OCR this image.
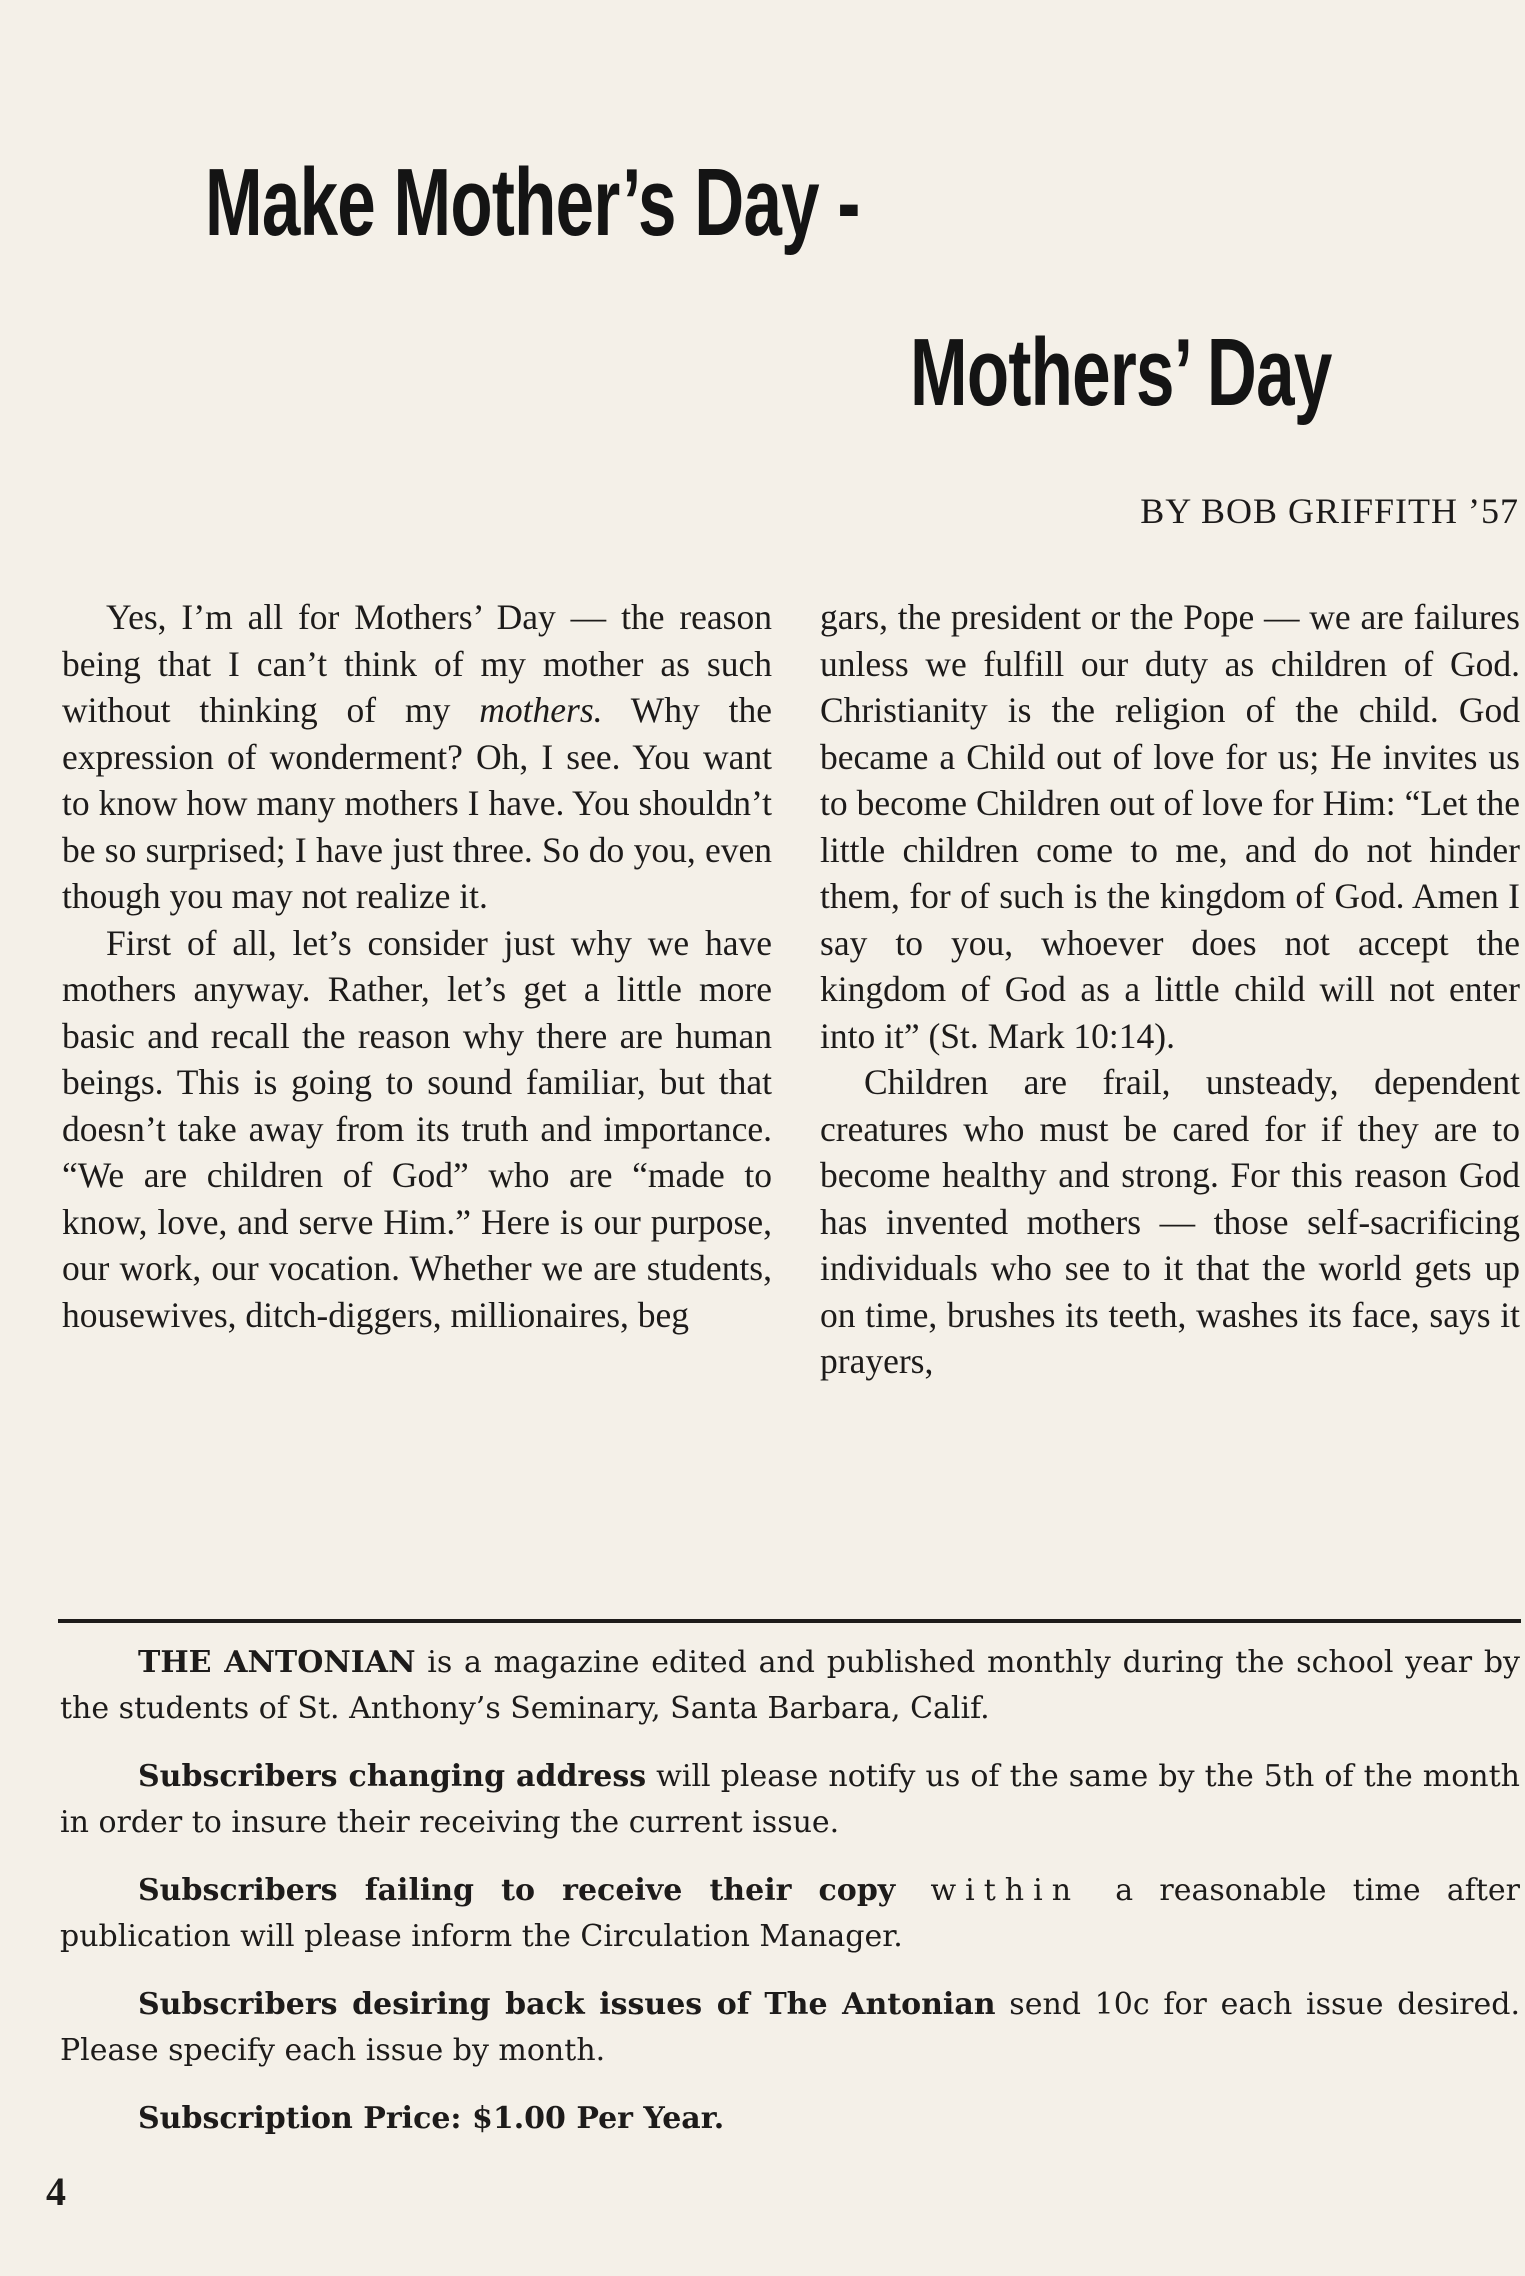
Make Mother’s Day -
Mothers’ Day
BY BOB GRIFFITH ’57

Yes, I’m all for Mothers’ Day — the reason being that I can’t think of my mother as such without thinking of my mothers. Why the expression of wonderment? Oh, I see. You want to know how many mothers I have. You shouldn’t be so surprised; I have just three. So do you, even though you may not realize it.

First of all, let’s consider just why we have mothers anyway. Rather, let’s get a little more basic and recall the reason why there are human beings. This is going to sound familiar, but that doesn’t take away from its truth and importance. “We are children of God” who are “made to know, love, and serve Him.” Here is our purpose, our work, our vocation. Whether we are students, housewives, ditch-diggers, millionaires, beg

gars, the president or the Pope — we are failures unless we fulfill our duty as children of God. Christianity is the religion of the child. God became a Child out of love for us; He invites us to become Children out of love for Him: “Let the little children come to me, and do not hinder them, for of such is the kingdom of God. Amen I say to you, whoever does not accept the kingdom of God as a little child will not enter into it” (St. Mark 10:14).

Children are frail, unsteady, dependent creatures who must be cared for if they are to become healthy and strong. For this reason God has invented mothers — those self-sacrificing individuals who see to it that the world gets up on time, brushes its teeth, washes its face, says it prayers,

THE ANTONIAN is a magazine edited and published monthly during the school year by the students of St. Anthony’s Seminary, Santa Barbara, Calif.

Subscribers changing address will please notify us of the same by the 5th of the month in order to insure their receiving the current issue.

Subscribers failing to receive their copy within a reasonable time after publication will please inform the Circulation Manager.

Subscribers desiring back issues of The Antonian send 10c for each issue desired. Please specify each issue by month.

Subscription Price: $1.00 Per Year.

4
